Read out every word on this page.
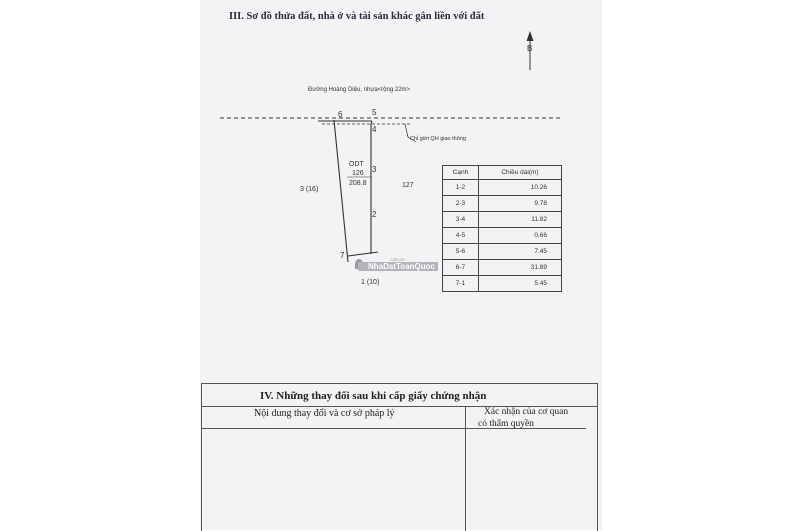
III. Sơ đồ thửa đất, nhà ở và tài sản khác gắn liền với đất
B
Đường Hoàng Diệu, nhựa<rộng 22m>
Chỉ giới QH giao thông
6	5
4
3
2
7
ODT
126
208.8	127
3 (16)
1 (10)
NhaDatToanQuoc
.com.vn
Cạnh	Chiều dài(m)
1-2	10.26
2-3	9.78
3-4	11.82
4-5	0.66
5-6	7.45
6-7	31.89
7-1	5.45
IV. Những thay đổi sau khi cấp giấy chứng nhận
Nội dung thay đổi và cơ sở pháp lý	Xác nhận của cơ quan
có thẩm quyền
